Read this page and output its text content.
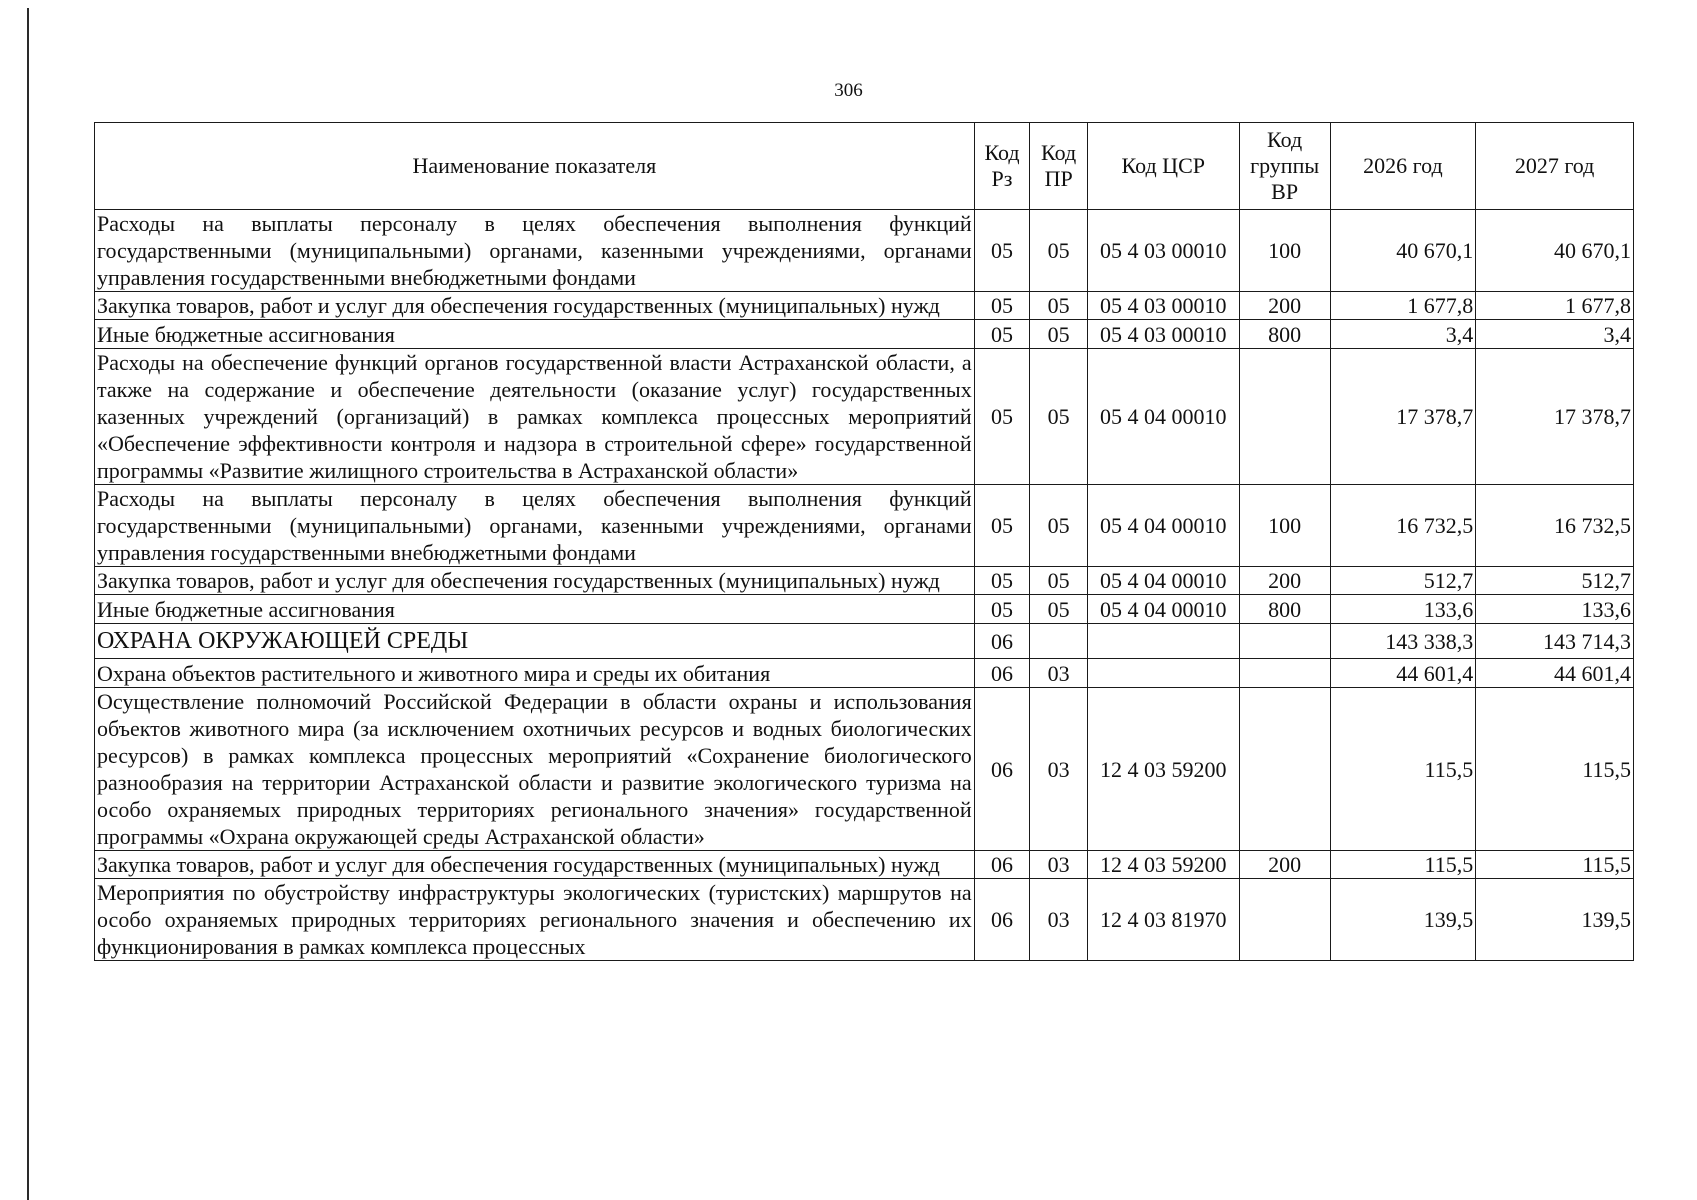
306
Наименование показателя	Код Рз	Код ПР	Код ЦСР	Код группы ВР	2026 год	2027 год
Расходы на выплаты персоналу в целях обеспечения выполнения функций государственными (муниципальными) органами, казенными учреждениями, органами управления государственными внебюджетными фондами	05	05	05 4 03 00010	100	40 670,1	40 670,1
Закупка товаров, работ и услуг для обеспечения государственных (муниципальных) нужд	05	05	05 4 03 00010	200	1 677,8	1 677,8
Иные бюджетные ассигнования	05	05	05 4 03 00010	800	3,4	3,4
Расходы на обеспечение функций органов государственной власти Астраханской области, а также на содержание и обеспечение деятельности (оказание услуг) государственных казенных учреждений (организаций) в рамках комплекса процессных мероприятий «Обеспечение эффективности контроля и надзора в строительной сфере» государственной программы «Развитие жилищного строительства в Астраханской области»	05	05	05 4 04 00010		17 378,7	17 378,7
Расходы на выплаты персоналу в целях обеспечения выполнения функций государственными (муниципальными) органами, казенными учреждениями, органами управления государственными внебюджетными фондами	05	05	05 4 04 00010	100	16 732,5	16 732,5
Закупка товаров, работ и услуг для обеспечения государственных (муниципальных) нужд	05	05	05 4 04 00010	200	512,7	512,7
Иные бюджетные ассигнования	05	05	05 4 04 00010	800	133,6	133,6
ОХРАНА ОКРУЖАЮЩЕЙ СРЕДЫ	06				143 338,3	143 714,3
Охрана объектов растительного и животного мира и среды их обитания	06	03			44 601,4	44 601,4
Осуществление полномочий Российской Федерации в области охраны и использования объектов животного мира (за исключением охотничьих ресурсов и водных биологических ресурсов) в рамках комплекса процессных мероприятий «Сохранение биологического разнообразия на территории Астраханской области и развитие экологического туризма на особо охраняемых природных территориях регионального значения» государственной программы «Охрана окружающей среды Астраханской области»	06	03	12 4 03 59200		115,5	115,5
Закупка товаров, работ и услуг для обеспечения государственных (муниципальных) нужд	06	03	12 4 03 59200	200	115,5	115,5
Мероприятия по обустройству инфраструктуры экологических (туристских) маршрутов на особо охраняемых природных территориях регионального значения и обеспечению их функционирования в рамках комплекса процессных	06	03	12 4 03 81970		139,5	139,5
